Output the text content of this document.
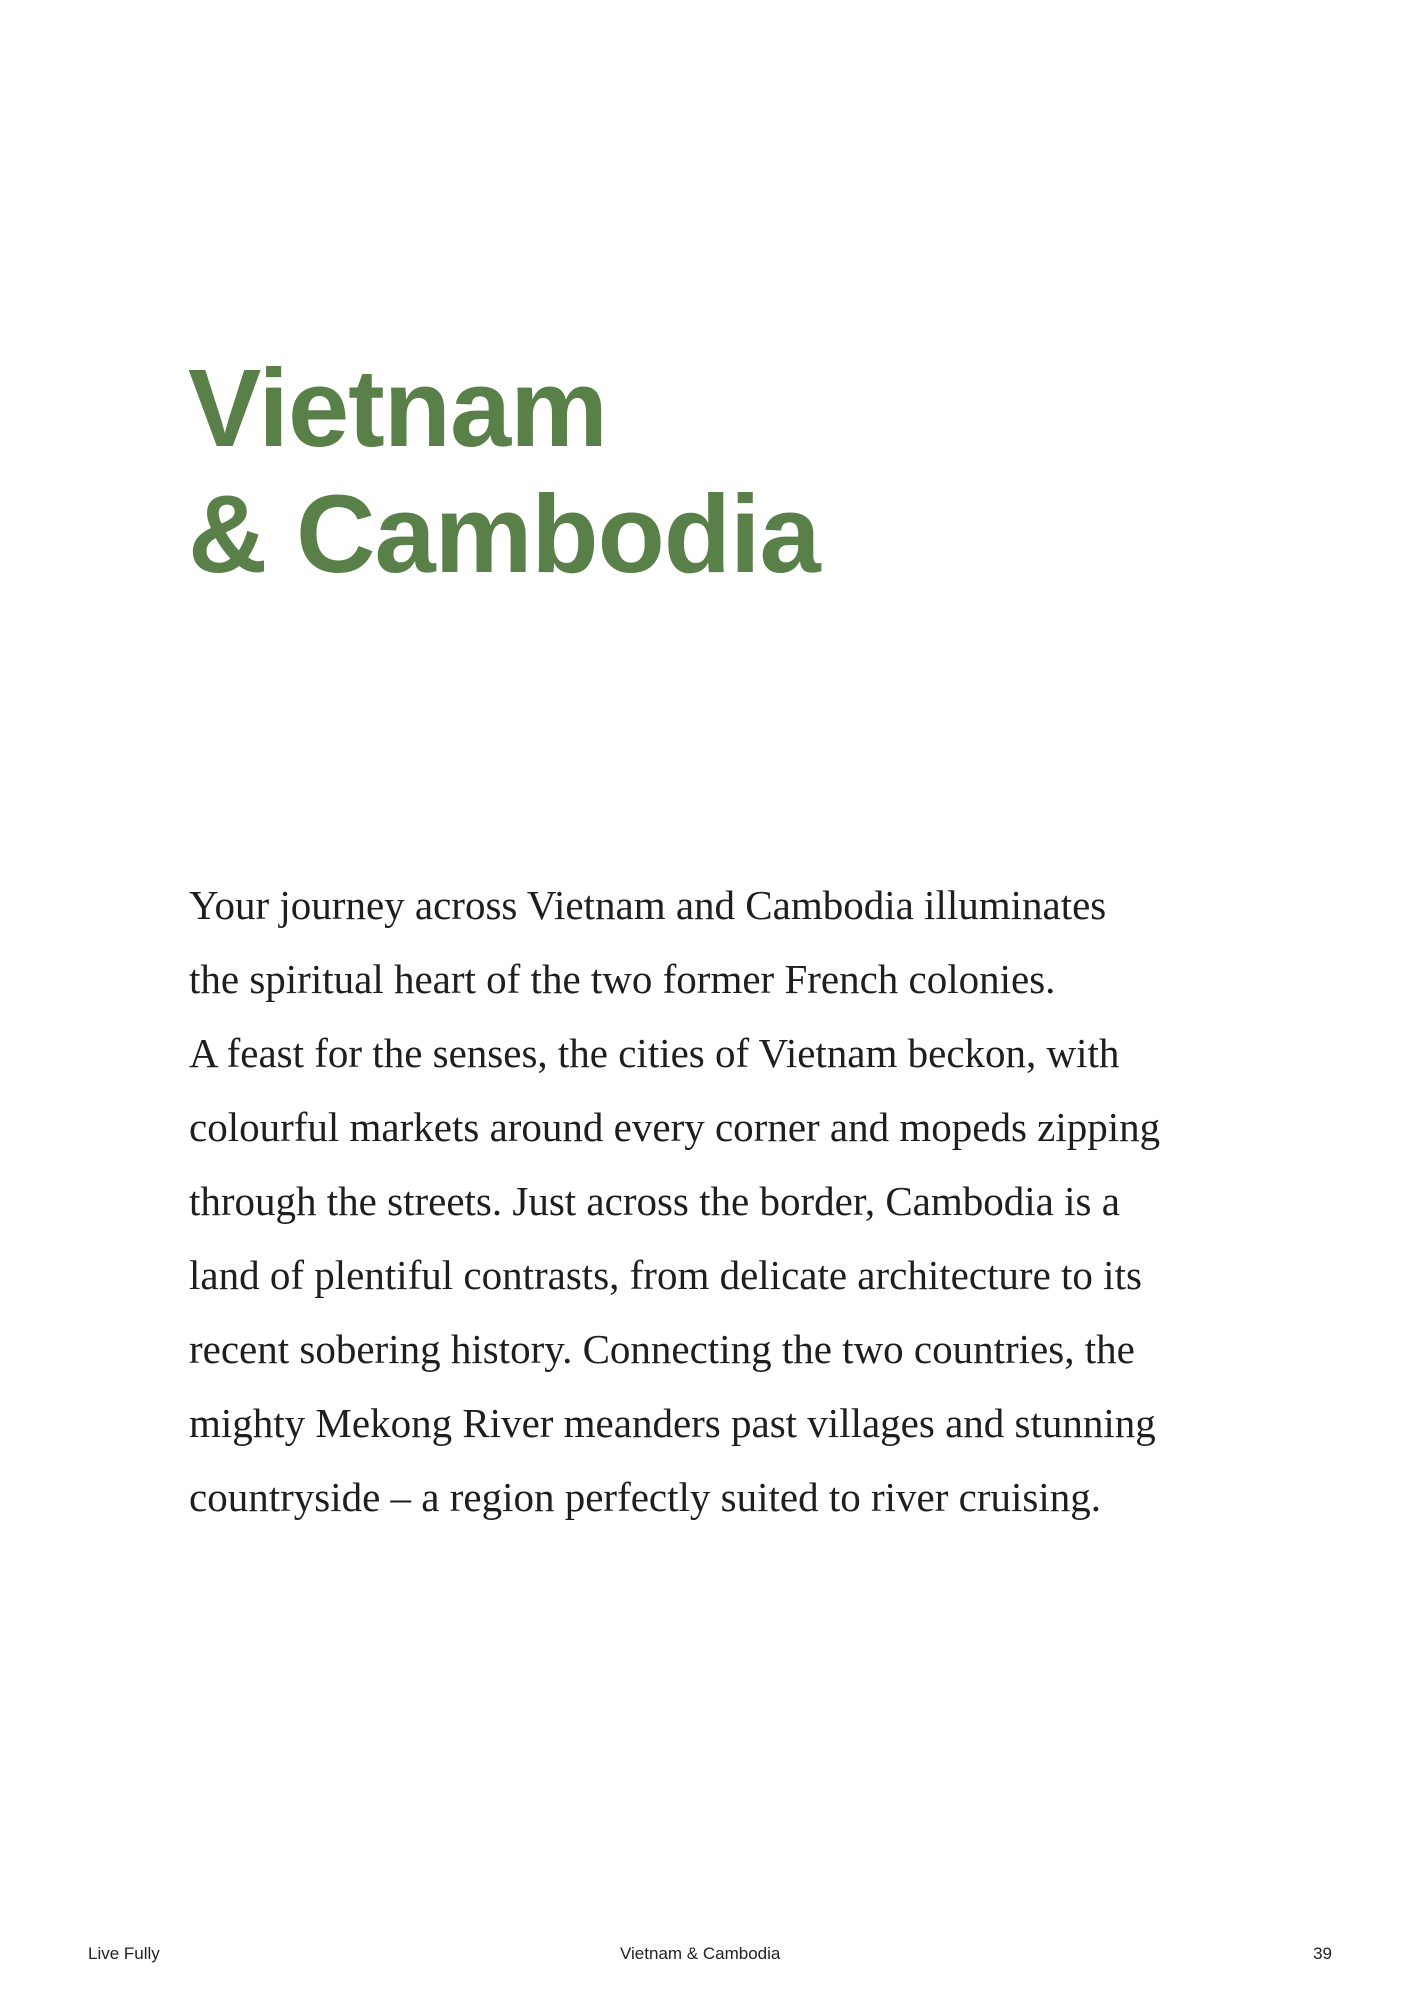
Vietnam
& Cambodia

Your journey across Vietnam and Cambodia illuminates
the spiritual heart of the two former French colonies.
A feast for the senses, the cities of Vietnam beckon, with
colourful markets around every corner and mopeds zipping
through the streets. Just across the border, Cambodia is a
land of plentiful contrasts, from delicate architecture to its
recent sobering history. Connecting the two countries, the
mighty Mekong River meanders past villages and stunning
countryside – a region perfectly suited to river cruising.

Live Fully	Vietnam & Cambodia	39
